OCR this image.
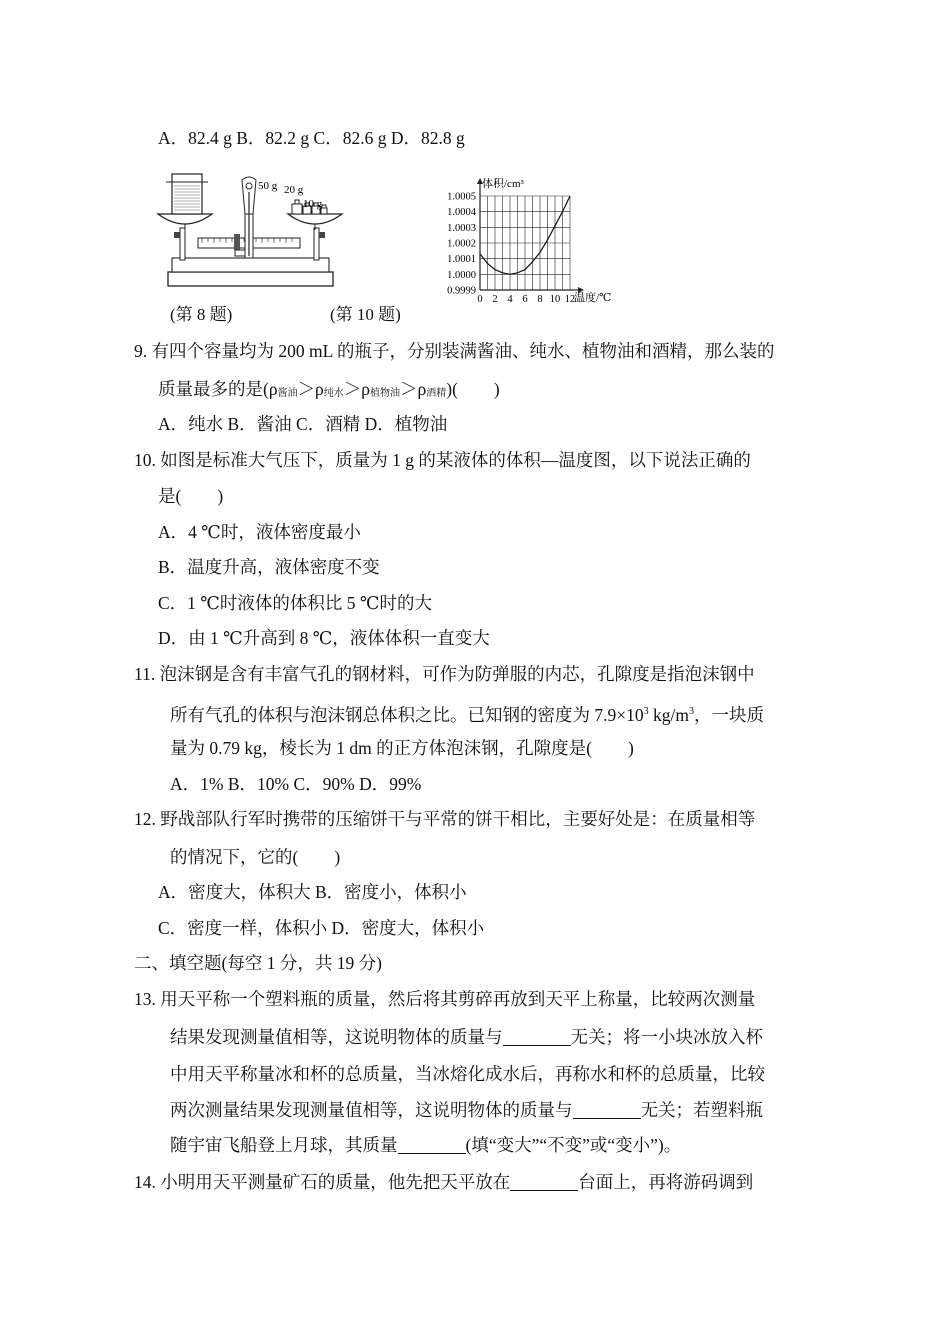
A．82.4 g B．82.2 g C．82.6 g D．82.8 g
50 g 20 g
10 g
0.9999
1.0000
1.0001
1.0002
1.0003
1.0004
1.0005
0 2 4 6 8 10 12
体积/cm³
温度/℃
(第 8 题)	(第 10 题)
9. 有四个容量均为 200 mL 的瓶子，分别装满酱油、纯水、植物油和酒精，那么装的
质量最多的是(ρ酱油＞ρ纯水＞ρ植物油＞ρ酒精)( )
A．纯水 B．酱油 C．酒精 D．植物油
10. 如图是标准大气压下，质量为 1 g 的某液体的体积—温度图，以下说法正确的
是( )
A．4 ℃时，液体密度最小
B．温度升高，液体密度不变
C．1 ℃时液体的体积比 5 ℃时的大
D．由 1 ℃升高到 8 ℃，液体体积一直变大
11. 泡沫钢是含有丰富气孔的钢材料，可作为防弹服的内芯，孔隙度是指泡沫钢中
所有气孔的体积与泡沫钢总体积之比。已知钢的密度为 $7.9\times 10^3$ $kg/m^3$，一块质
量为 0.79 kg，棱长为 1 dm 的正方体泡沫钢，孔隙度是( )
A．1% B．10% C．90% D．99%
12. 野战部队行军时携带的压缩饼干与平常的饼干相比，主要好处是：在质量相等
的情况下，它的( )
A．密度大，体积大 B．密度小，体积小
C．密度一样，体积小 D．密度大，体积小
二、填空题(每空 1 分，共 19 分)
13. 用天平称一个塑料瓶的质量，然后将其剪碎再放到天平上称量，比较两次测量
结果发现测量值相等，这说明物体的质量与	无关；将一小块冰放入杯
中用天平称量冰和杯的总质量，当冰熔化成水后，再称水和杯的总质量，比较
两次测量结果发现测量值相等，这说明物体的质量与	无关；若塑料瓶
随宇宙飞船登上月球，其质量	(填“变大”“不变”或“变小”)。
14. 小明用天平测量矿石的质量，他先把天平放在	台面上，再将游码调到
